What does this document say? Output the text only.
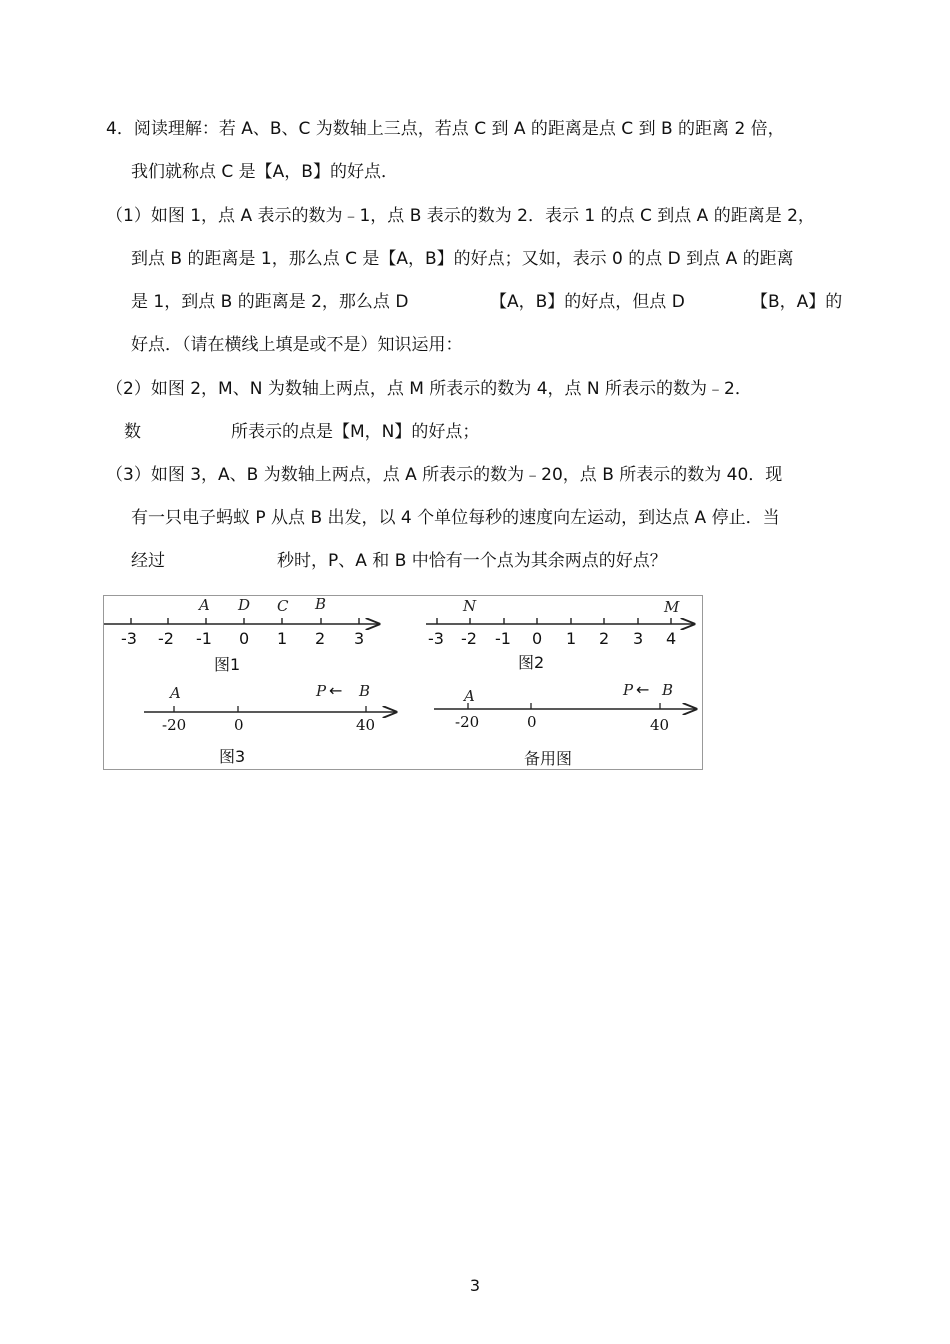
4．阅读理解：若 A、B、C 为数轴上三点，若点 C 到 A 的距离是点 C 到 B 的距离 2 倍，
我们就称点 C 是【A，B】的好点．
（1）如图 1，点 A 表示的数为﹣1，点 B 表示的数为 2．表示 1 的点 C 到点 A 的距离是 2，
到点 B 的距离是 1，那么点 C 是【A，B】的好点；又如，表示 0 的点 D 到点 A 的距离
是 1，到点 B 的距离是 2，那么点 D	【A，B】的好点，但点 D	【B，A】的
好点．（请在横线上填是或不是）知识运用：
（2）如图 2，M、N 为数轴上两点，点 M 所表示的数为 4，点 N 所表示的数为﹣2．
数	所表示的点是【M，N】的好点；
（3）如图 3，A、B 为数轴上两点，点 A 所表示的数为﹣20，点 B 所表示的数为 40．现
有一只电子蚂蚁 P 从点 B 出发，以 4 个单位每秒的速度向左运动，到达点 A 停止．当
经过	秒时，P、A 和 B 中恰有一个点为其余两点的好点？
-3 -2 -1 0 1 2 3
A D C B
图1
-3 -2 -1 0 1 2 3 4
N	M
图2
-20	0	40
A	P ← B
图3
-20	0	40
A	P ← B
备用图
3
